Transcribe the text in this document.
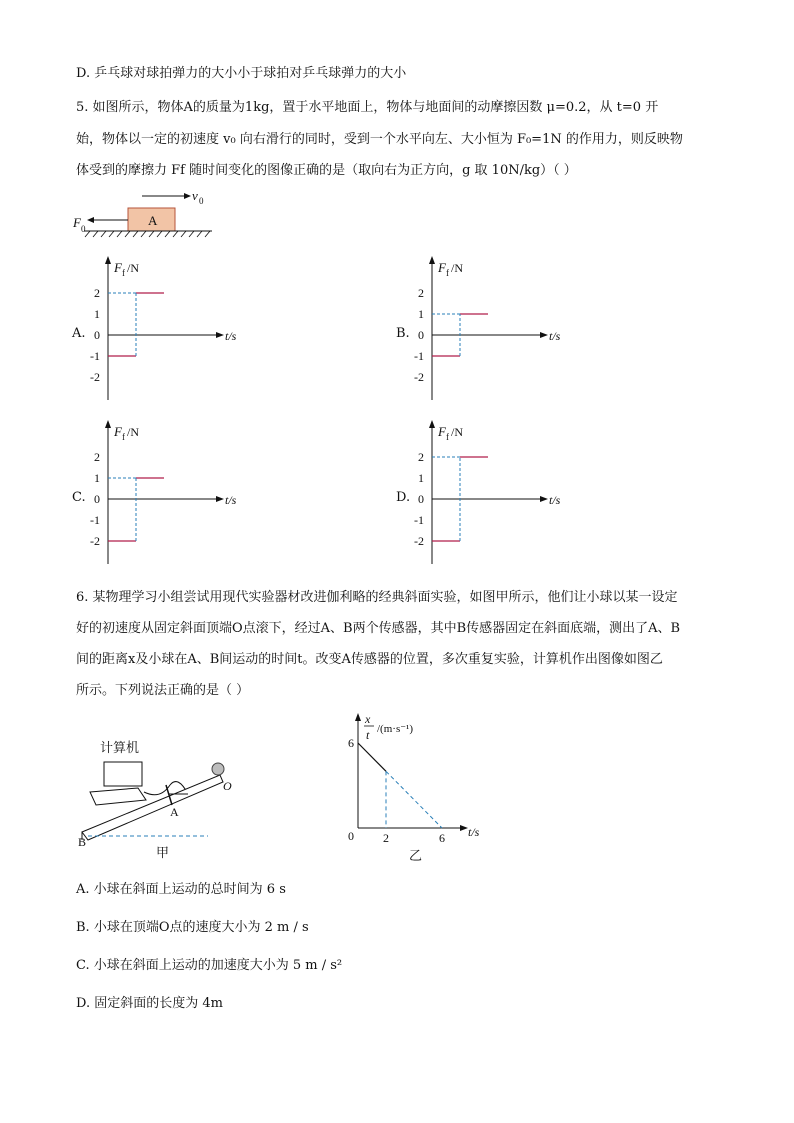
D. 乒乓球对球拍弹力的大小小于球拍对乒乓球弹力的大小
5. 如图所示，物体A的质量为1kg，置于水平地面上，物体与地面间的动摩擦因数 μ=0.2，从 t=0 开
始，物体以一定的初速度 v₀ 向右滑行的同时，受到一个水平向左、大小恒为 F₀=1N 的作用力，则反映物
体受到的摩擦力 Ff 随时间变化的图像正确的是（取向右为正方向，g 取 10N/kg）（ ）
v 0
A
F 0
A.
F f /N
t/s
2
1
0
-1
-2
B.
F f /N
t/s
2
1
0
-1
-2
C.
F f /N
t/s
2
1
0
-1
-2
D.
F f /N
t/s
2
1
0
-1
-2
6. 某物理学习小组尝试用现代实验器材改进伽利略的经典斜面实验，如图甲所示，他们让小球以某一设定
好的初速度从固定斜面顶端O点滚下，经过A、B两个传感器，其中B传感器固定在斜面底端，测出了A、B
间的距离x及小球在A、B间运动的时间t。改变A传感器的位置，多次重复实验，计算机作出图像如图乙
所示。下列说法正确的是（ ）
计算机
A
B
O
甲
x
t /(m·s⁻¹)
t/s
乙
6
0 2	6
A. 小球在斜面上运动的总时间为 6 s
B. 小球在顶端O点的速度大小为 2 m / s
C. 小球在斜面上运动的加速度大小为 5 m / s²
D. 固定斜面的长度为 4m
